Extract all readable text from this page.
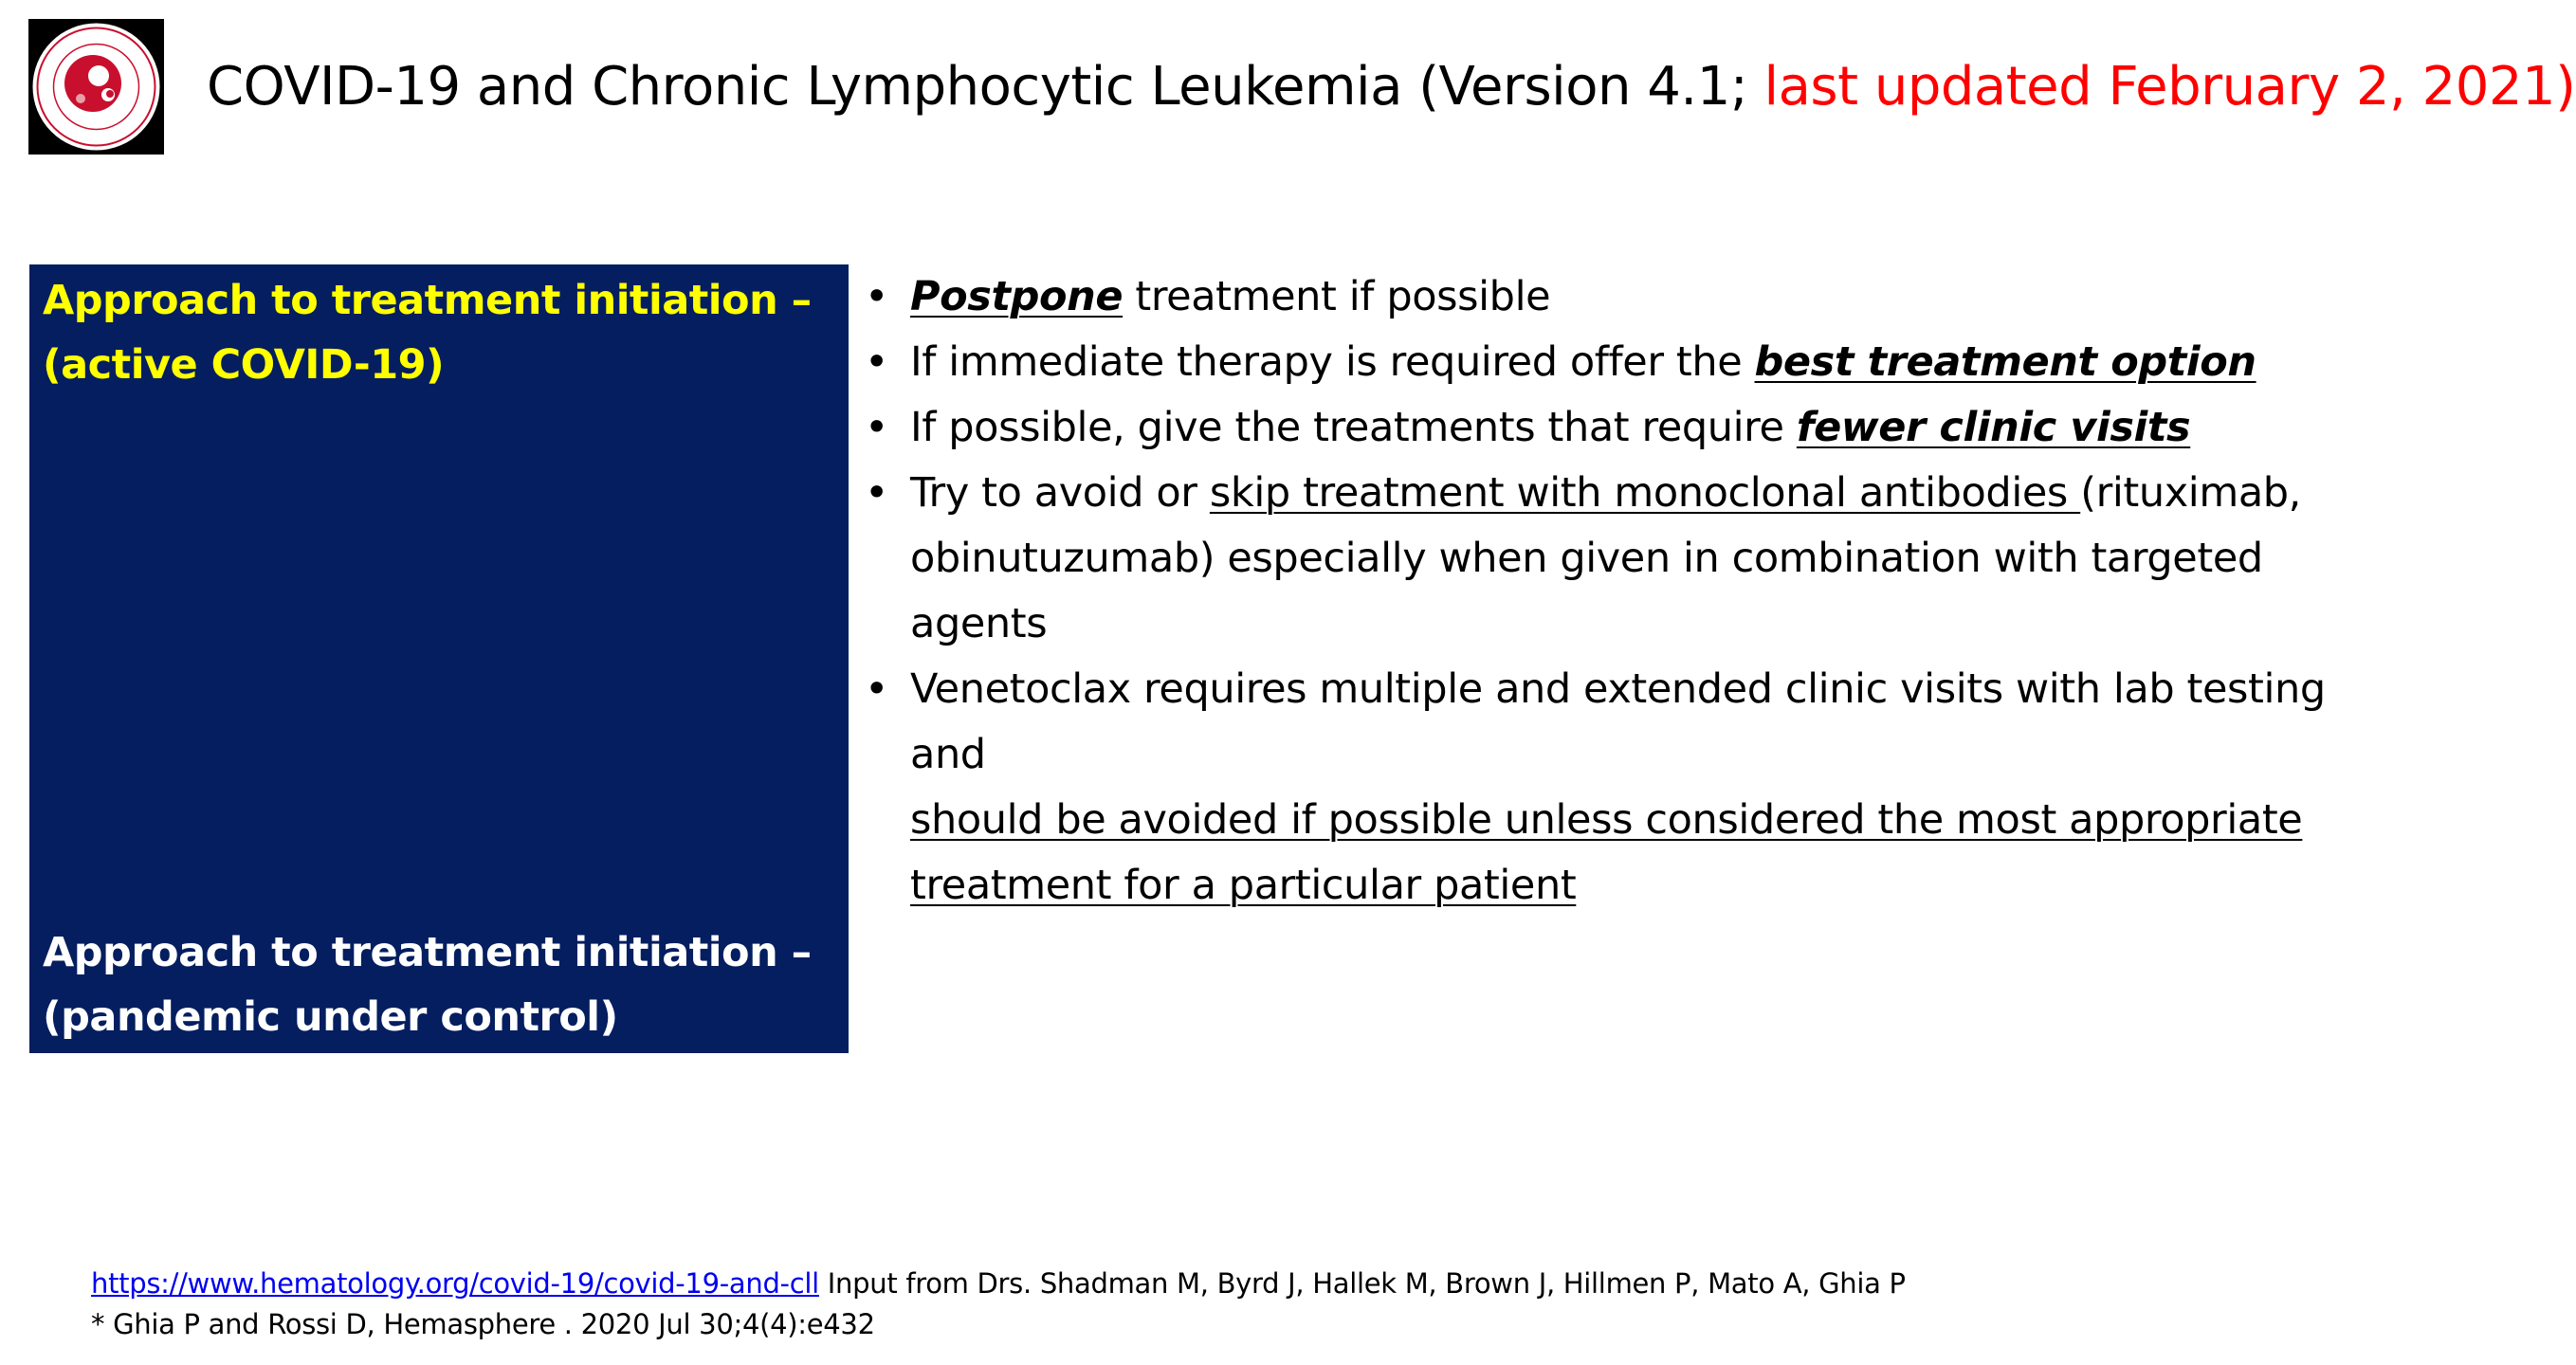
COVID-19 and Chronic Lymphocytic Leukemia (Version 4.1; last updated February 2, 2021)
Approach to treatment initiation –
(active COVID-19)
Approach to treatment initiation –
(pandemic under control)
• Postpone treatment if possible
• If immediate therapy is required offer the best treatment option
• If possible, give the treatments that require fewer clinic visits
• Try to avoid or skip treatment with monoclonal antibodies (rituximab,
obinutuzumab) especially when given in combination with targeted agents
• Venetoclax requires multiple and extended clinic visits with lab testing and
should be avoided if possible unless considered the most appropriate
treatment for a particular patient
https://www.hematology.org/covid-19/covid-19-and-cll Input from Drs. Shadman M, Byrd J, Hallek M, Brown J, Hillmen P, Mato A, Ghia P
* Ghia P and Rossi D, Hemasphere . 2020 Jul 30;4(4):e432
